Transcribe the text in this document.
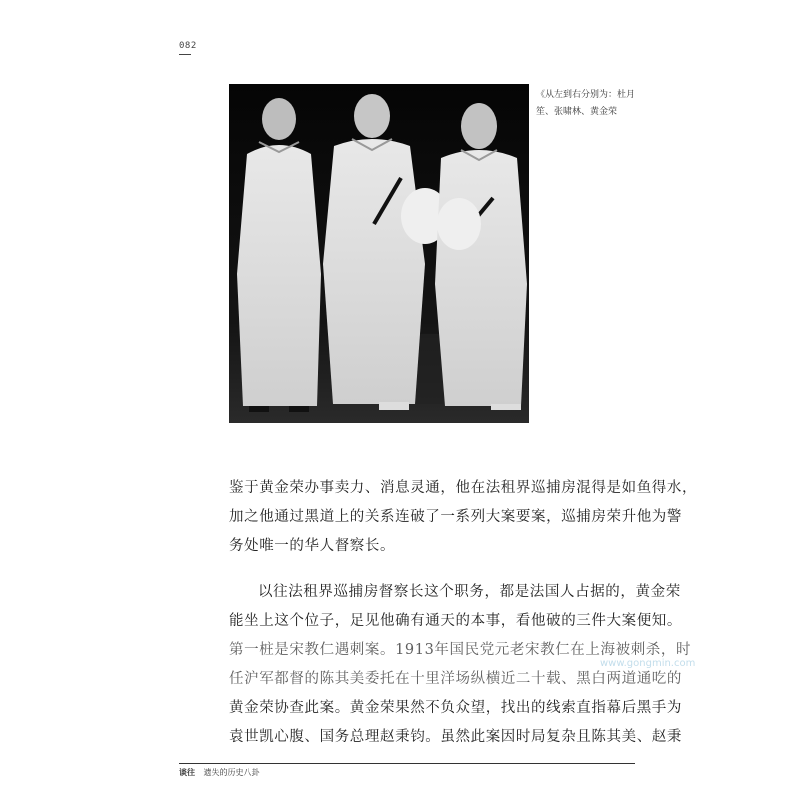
082
《从左到右分别为：杜月
笙、张啸林、黄金荣
鉴于黄金荣办事卖力、消息灵通，他在法租界巡捕房混得是如鱼得水，
加之他通过黑道上的关系连破了一系列大案要案，巡捕房荣升他为警
务处唯一的华人督察长。
以往法租界巡捕房督察长这个职务，都是法国人占据的，黄金荣
能坐上这个位子，足见他确有通天的本事，看他破的三件大案便知。
第一桩是宋教仁遇刺案。1913年国民党元老宋教仁在上海被刺杀，时
任沪军都督的陈其美委托在十里洋场纵横近二十载、黑白两道通吃的
黄金荣协查此案。黄金荣果然不负众望，找出的线索直指幕后黑手为
袁世凯心腹、国务总理赵秉钧。虽然此案因时局复杂且陈其美、赵秉
www.gongmin.com
谈往 遗失的历史八卦
